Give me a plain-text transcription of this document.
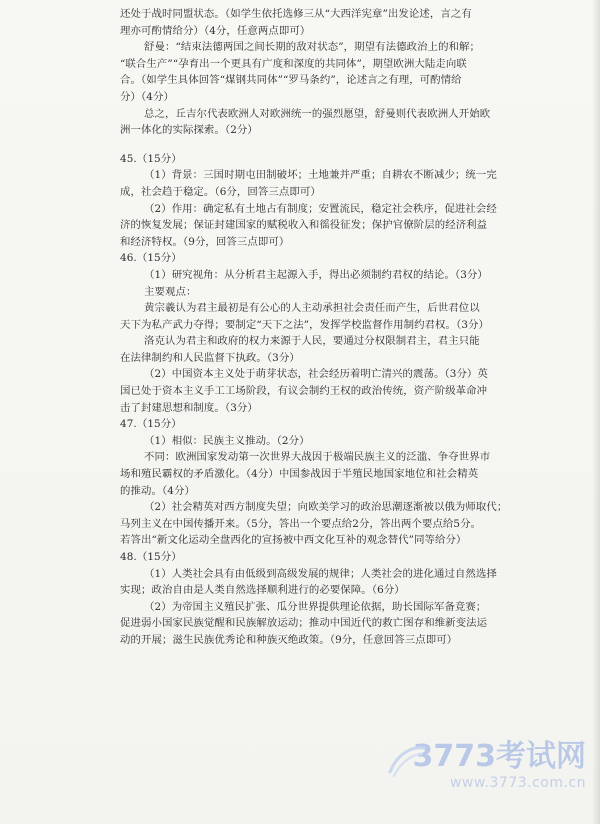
还处于战时同盟状态。（如学生依托选修三从“大西洋宪章”出发论述，言之有

理亦可酌情给分）（4分，任意两点即可）

舒曼：“结束法德两国之间长期的敌对状态”，期望有法德政治上的和解；

“联合生产”“孕育出一个更具有广度和深度的共同体”，期望欧洲大陆走向联

合。（如学生具体回答“煤钢共同体”“罗马条约”，论述言之有理，可酌情给

分）（4分）

总之，丘吉尔代表欧洲人对欧洲统一的强烈愿望，舒曼则代表欧洲人开始欧

洲一体化的实际探索。（2分）

45.（15分）

（1）背景：三国时期屯田制破坏；土地兼并严重；自耕农不断减少；统一完

成，社会趋于稳定。（6分，回答三点即可）

（2）作用：确定私有土地占有制度；安置流民，稳定社会秩序，促进社会经

济的恢复发展；保证封建国家的赋税收入和徭役征发；保护官僚阶层的经济利益

和经济特权。（9分，回答三点即可）

46.（15分）

（1）研究视角：从分析君主起源入手，得出必须制约君权的结论。（3分）

主要观点：

黄宗羲认为君主最初是有公心的人主动承担社会责任而产生，后世君位以

天下为私产武力夺得；要制定“天下之法”，发挥学校监督作用制约君权。（3分）

洛克认为君主和政府的权力来源于人民，要通过分权限制君主，君主只能

在法律制约和人民监督下执政。（3分）

（2）中国资本主义处于萌芽状态，社会经历着明亡清兴的震荡。（3分）英

国已处于资本主义手工工场阶段，有议会制约王权的政治传统，资产阶级革命冲

击了封建思想和制度。（3分）

47.（15分）

（1）相似：民族主义推动。（2分）

不同：欧洲国家发动第一次世界大战因于极端民族主义的泛滥、争夺世界市

场和殖民霸权的矛盾激化。（4分）中国参战因于半殖民地国家地位和社会精英

的推动。（4分）

（2）社会精英对西方制度失望；向欧美学习的政治思潮逐渐被以俄为师取代；

马列主义在中国传播开来。（5分，答出一个要点给2分，答出两个要点给5分。

若答出“新文化运动全盘西化的宣扬被中西文化互补的观念替代”同等给分）

48.（15分）

（1）人类社会具有由低级到高级发展的规律；人类社会的进化通过自然选择

实现；政治自由是人类自然选择顺利进行的必要保障。（6分）

（2）为帝国主义殖民扩张、瓜分世界提供理论依据，助长国际军备竞赛；

促进弱小国家民族觉醒和民族解放运动；推动中国近代的救亡图存和维新变法运

动的开展；滋生民族优秀论和种族灭绝政策。（9分，任意回答三点即可）

3773考试网
www.3773.com.cn
